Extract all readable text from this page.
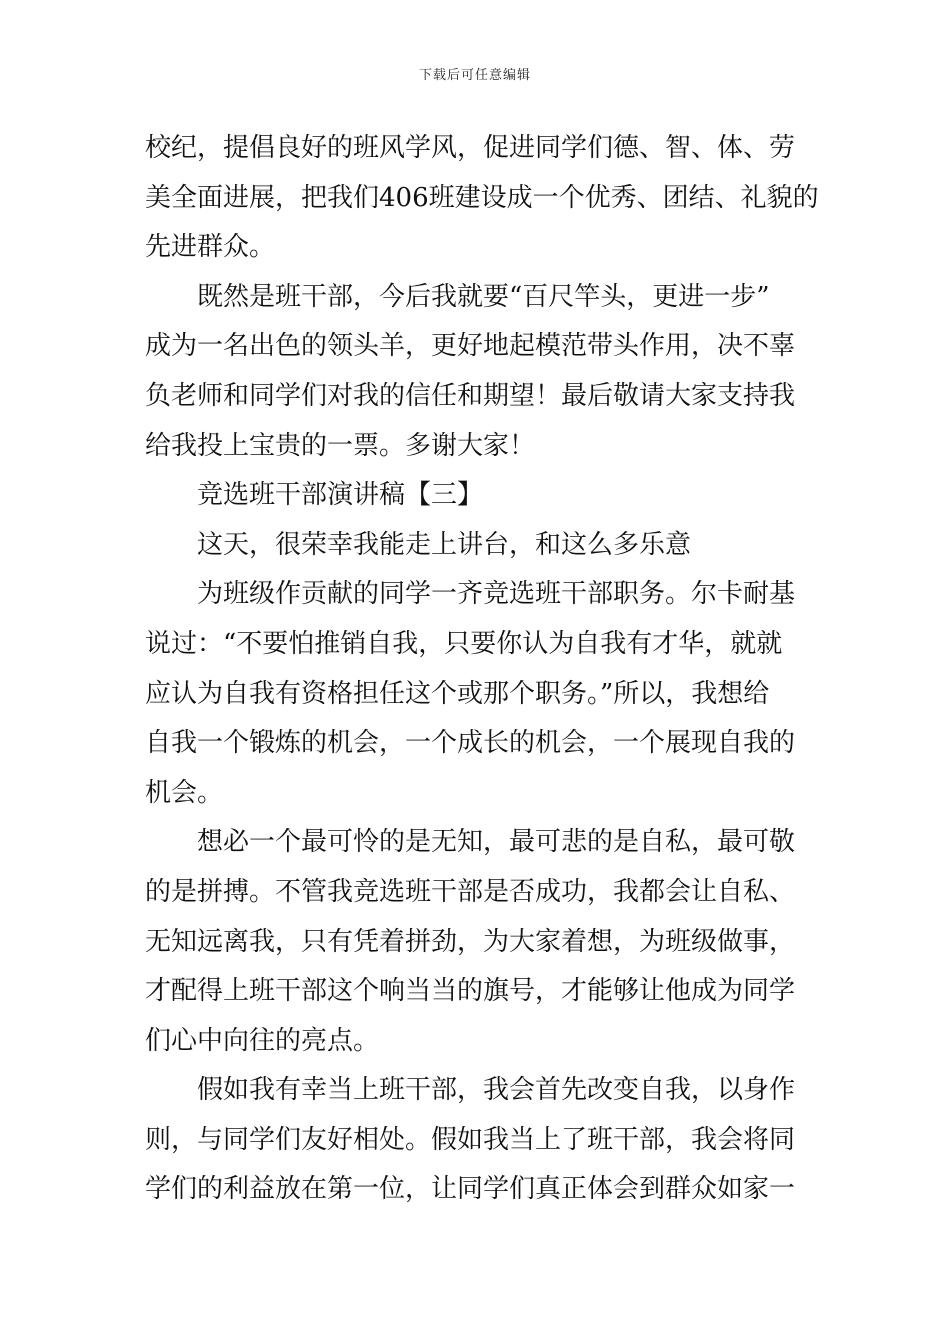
下载后可任意编辑
校纪，提倡良好的班风学风，促进同学们德、智、体、劳
美全面进展，把我们406班建设成一个优秀、团结、礼貌的
先进群众。
既然是班干部，今后我就要“百尺竿头，更进一步”
成为一名出色的领头羊，更好地起模范带头作用，决不辜
负老师和同学们对我的信任和期望！最后敬请大家支持我
给我投上宝贵的一票。多谢大家！
竞选班干部演讲稿【三】
这天，很荣幸我能走上讲台，和这么多乐意
为班级作贡献的同学一齐竞选班干部职务。尔卡耐基
说过：“不要怕推销自我，只要你认为自我有才华，就就
应认为自我有资格担任这个或那个职务。”所以，我想给
自我一个锻炼的机会，一个成长的机会，一个展现自我的
机会。
想必一个最可怜的是无知，最可悲的是自私，最可敬
的是拼搏。不管我竞选班干部是否成功，我都会让自私、
无知远离我，只有凭着拼劲，为大家着想，为班级做事，
才配得上班干部这个响当当的旗号，才能够让他成为同学
们心中向往的亮点。
假如我有幸当上班干部，我会首先改变自我，以身作
则，与同学们友好相处。假如我当上了班干部，我会将同
学们的利益放在第一位，让同学们真正体会到群众如家一
